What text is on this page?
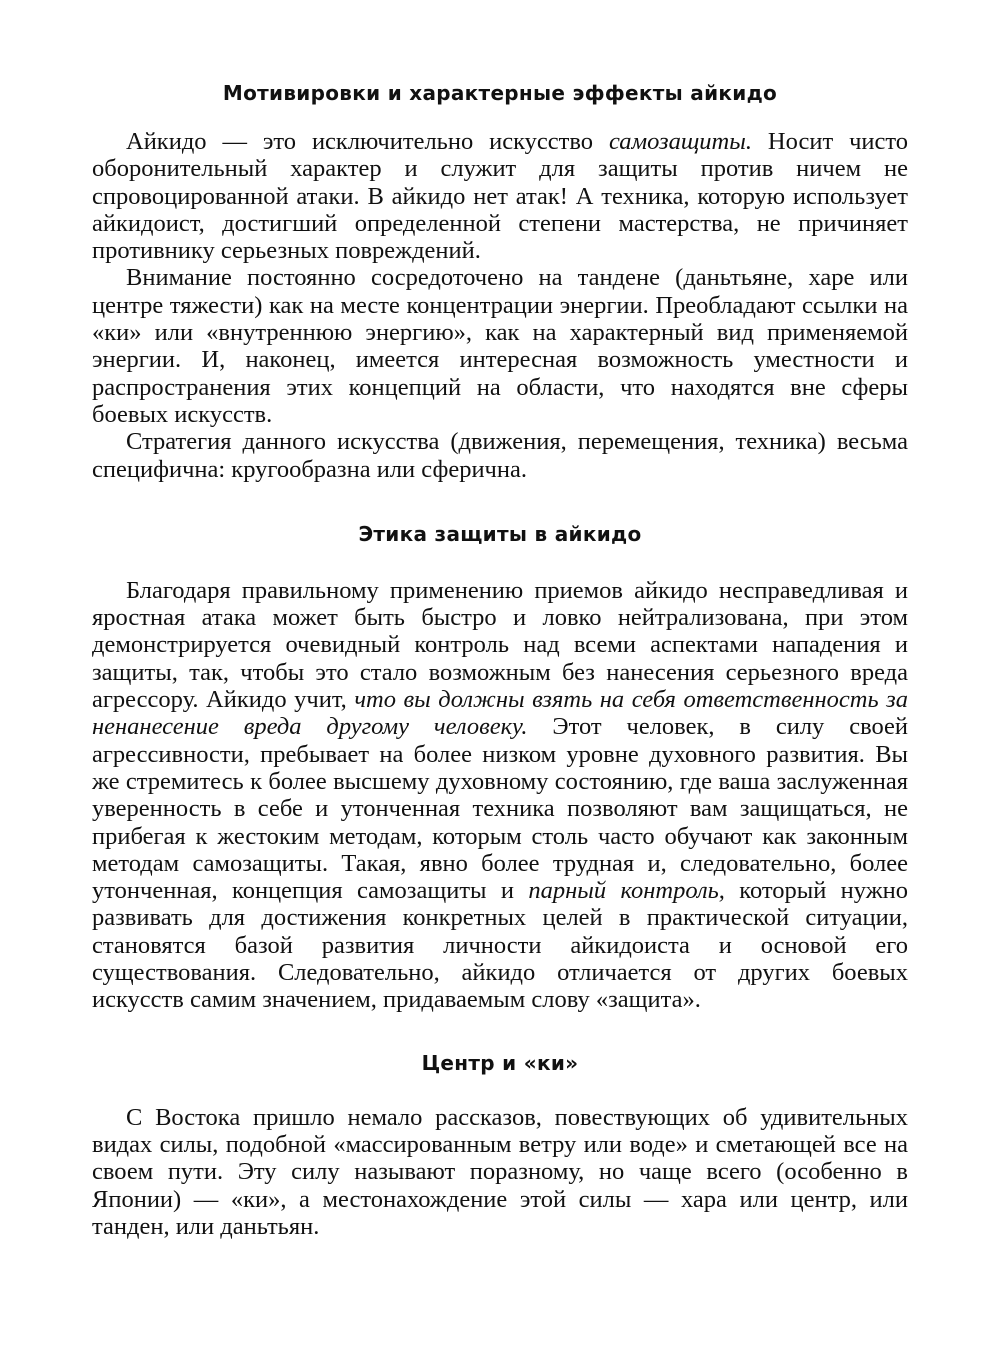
Мотивировки и характерные эффекты айкидо

Айкидо — это исключительно искусство самозащиты. Носит чисто оборонительный характер и служит для защиты против ничем не спровоцированной атаки. В айкидо нет атак! А техника, которую использует айкидоист, достигший определенной степени мастерства, не причиняет противнику серьезных повреждений.

Внимание постоянно сосредоточено на тандене (даньтьяне, харе или центре тяжести) как на месте концентрации энергии. Преобладают ссылки на «ки» или «внутреннюю энергию», как на характерный вид применяемой энергии. И, наконец, имеется интересная возможность уместности и распространения этих концепций на области, что находятся вне сферы боевых искусств.

Стратегия данного искусства (движения, перемещения, техника) весьма специфична: кругообразна или сферична.

Этика защиты в айкидо

Благодаря правильному применению приемов айкидо несправедливая и яростная атака может быть быстро и ловко нейтрализована, при этом демонстрируется очевидный контроль над всеми аспектами нападения и защиты, так, чтобы это стало возможным без нанесения серьезного вреда агрессору. Айкидо учит, что вы должны взять на себя ответственность за ненанесение вреда другому человеку. Этот человек, в силу своей агрессивности, пребывает на более низком уровне духовного развития. Вы же стремитесь к более высшему духовному состоянию, где ваша заслуженная уверенность в себе и утонченная техника позволяют вам защищаться, не прибегая к жестоким методам, которым столь часто обучают как законным методам самозащиты. Такая, явно более трудная и, следовательно, более утонченная, концепция самозащиты и парный контроль, который нужно развивать для достижения конкретных целей в практической ситуации, становятся базой развития личности айкидоиста и основой его существования. Следовательно, айкидо отличается от других боевых искусств самим значением, придаваемым слову «защита».

Центр и «ки»

С Востока пришло немало рассказов, повествующих об удивительных видах силы, подобной «массированным ветру или воде» и сметающей все на своем пути. Эту силу называют поразному, но чаще всего (особенно в Японии) — «ки», а местонахождение этой силы — хара или центр, или танден, или даньтьян.
